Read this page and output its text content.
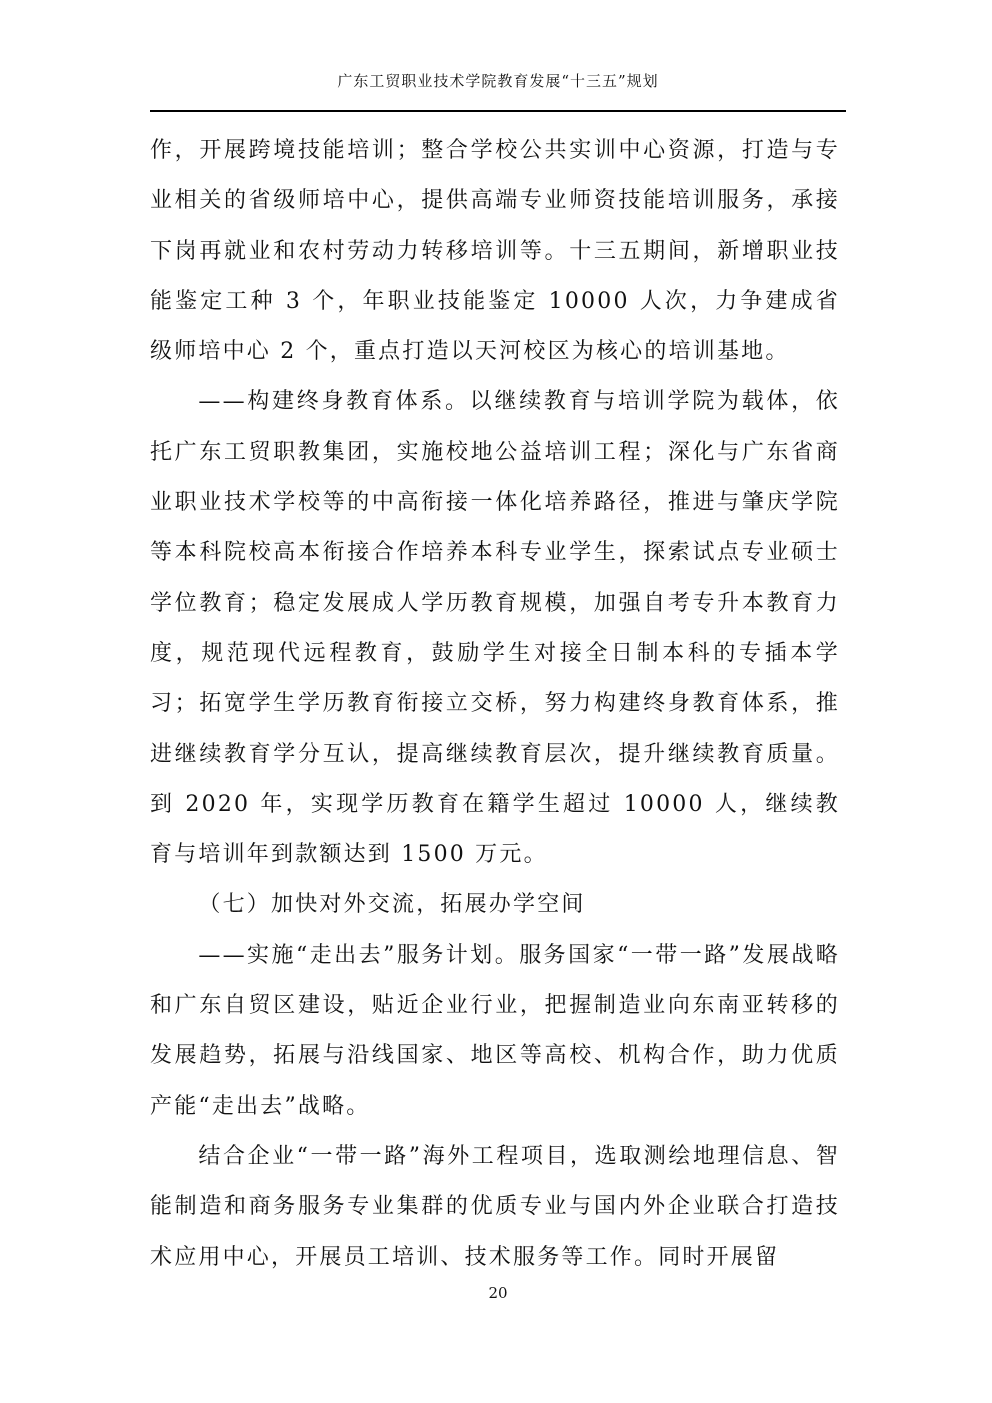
广东工贸职业技术学院教育发展“十三五”规划

作，开展跨境技能培训；整合学校公共实训中心资源，打造与专业相关的省级师培中心，提供高端专业师资技能培训服务，承接下岗再就业和农村劳动力转移培训等。十三五期间，新增职业技能鉴定工种 3 个，年职业技能鉴定 10000 人次，力争建成省级师培中心 2 个，重点打造以天河校区为核心的培训基地。

——构建终身教育体系。以继续教育与培训学院为载体，依托广东工贸职教集团，实施校地公益培训工程；深化与广东省商业职业技术学校等的中高衔接一体化培养路径，推进与肇庆学院等本科院校高本衔接合作培养本科专业学生，探索试点专业硕士学位教育；稳定发展成人学历教育规模，加强自考专升本教育力度，规范现代远程教育，鼓励学生对接全日制本科的专插本学习；拓宽学生学历教育衔接立交桥，努力构建终身教育体系，推进继续教育学分互认，提高继续教育层次，提升继续教育质量。到 2020 年，实现学历教育在籍学生超过 10000 人，继续教育与培训年到款额达到 1500 万元。

（七）加快对外交流，拓展办学空间

——实施“走出去”服务计划。服务国家“一带一路”发展战略和广东自贸区建设，贴近企业行业，把握制造业向东南亚转移的发展趋势，拓展与沿线国家、地区等高校、机构合作，助力优质产能“走出去”战略。

结合企业“一带一路”海外工程项目，选取测绘地理信息、智能制造和商务服务专业集群的优质专业与国内外企业联合打造技术应用中心，开展员工培训、技术服务等工作。同时开展留

20
